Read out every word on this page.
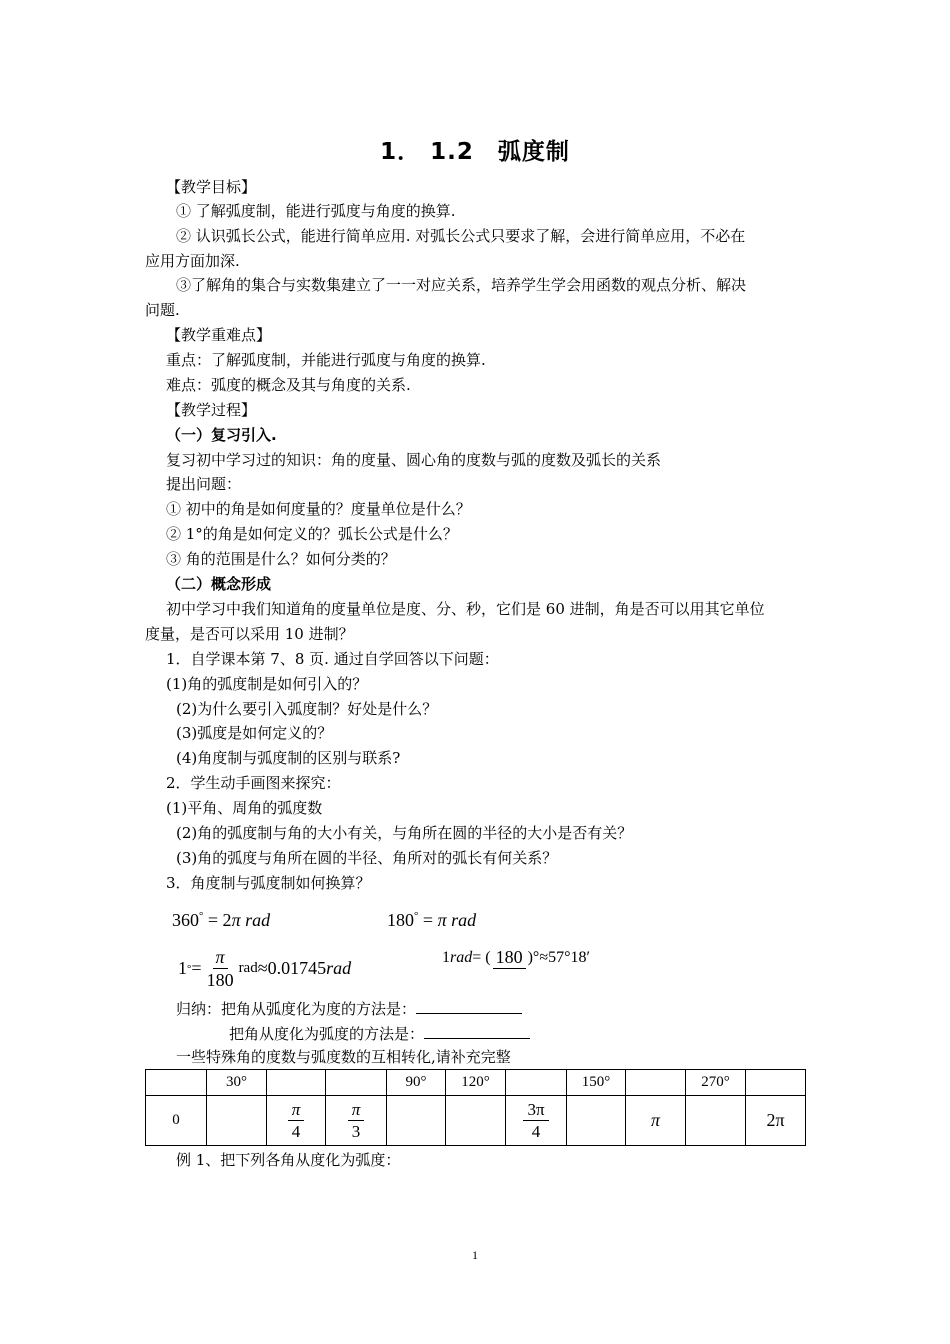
1． 1.2　弧度制
【教学目标】
① 了解弧度制，能进行弧度与角度的换算.
② 认识弧长公式，能进行简单应用. 对弧长公式只要求了解，会进行简单应用，不必在
应用方面加深.
③了解角的集合与实数集建立了一一对应关系，培养学生学会用函数的观点分析、解决
问题.
【教学重难点】
重点：了解弧度制，并能进行弧度与角度的换算.
难点：弧度的概念及其与角度的关系.
【教学过程】
（一）复习引入.
复习初中学习过的知识：角的度量、圆心角的度数与弧的度数及弧长的关系
提出问题：
① 初中的角是如何度量的？度量单位是什么？
② 1°的角是如何定义的？弧长公式是什么？
③ 角的范围是什么？如何分类的？
（二）概念形成
初中学习中我们知道角的度量单位是度、分、秒，它们是 60 进制，角是否可以用其它单位
度量，是否可以采用 10 进制？
1．自学课本第 7、8 页. 通过自学回答以下问题：
(1)角的弧度制是如何引入的？
(2)为什么要引入弧度制？好处是什么？
(3)弧度是如何定义的？
(4)角度制与弧度制的区别与联系?
2．学生动手画图来探究：
(1)平角、周角的弧度数
(2)角的弧度制与角的大小有关，与角所在圆的半径的大小是否有关？
(3)角的弧度与角所在圆的半径、角所对的弧长有何关系？
3．角度制与弧度制如何换算？
360° = 2π rad	180° = π rad
1 ° = $\frac{\pi}{180}$ rad ≈0.01745 rad
1 rad = ( 180 )° ≈57°18′
归纳：把角从弧度化为度的方法是：
把角从度化为弧度的方法是：
一些特殊角的度数与弧度数的互相转化,请补充完整
	30°			90°	120°		150°		270°	
0		$\frac{\pi}{4}$	$\frac{\pi}{3}$			$\frac{3\pi}{4}$		π		2π
例 1、把下列各角从度化为弧度：
1
